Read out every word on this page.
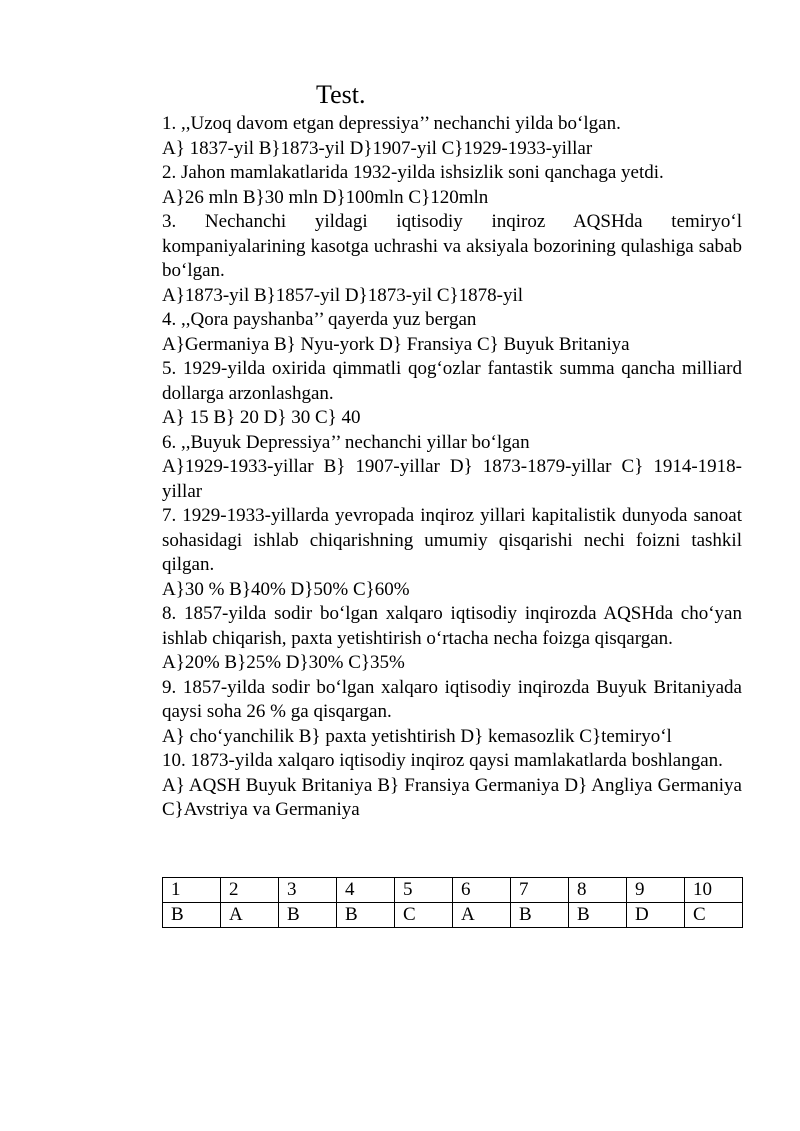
Test.

1. ,,Uzoq davom etgan depressiya’’ nechanchi yilda bo‘lgan.

A} 1837-yil B}1873-yil D}1907-yil C}1929-1933-yillar

2. Jahon mamlakatlarida 1932-yilda ishsizlik soni qanchaga yetdi.

A}26 mln B}30 mln D}100mln C}120mln

3. Nechanchi yildagi iqtisodiy inqiroz AQSHda temiryo‘l kompaniyalarining kasotga uchrashi va aksiyala bozorining qulashiga sabab bo‘lgan.

A}1873-yil B}1857-yil D}1873-yil C}1878-yil

4. ,,Qora payshanba’’ qayerda yuz bergan

A}Germaniya B} Nyu-york D} Fransiya C} Buyuk Britaniya

5. 1929-yilda oxirida qimmatli qog‘ozlar fantastik summa qancha milliard dollarga arzonlashgan.

A} 15 B} 20 D} 30 C} 40

6. ,,Buyuk Depressiya’’ nechanchi yillar bo‘lgan

A}1929-1933-yillar B} 1907-yillar D} 1873-1879-yillar C} 1914-1918-yillar

7. 1929-1933-yillarda yevropada inqiroz yillari kapitalistik dunyoda sanoat sohasidagi ishlab chiqarishning umumiy qisqarishi nechi foizni tashkil qilgan.

A}30 % B}40% D}50% C}60%

8. 1857-yilda sodir bo‘lgan xalqaro iqtisodiy inqirozda AQSHda cho‘yan ishlab chiqarish, paxta yetishtirish o‘rtacha necha foizga qisqargan.

A}20% B}25% D}30% C}35%

9. 1857-yilda sodir bo‘lgan xalqaro iqtisodiy inqirozda Buyuk Britaniyada qaysi soha 26 % ga qisqargan.

A} cho‘yanchilik B} paxta yetishtirish D} kemasozlik C}temiryo‘l

10. 1873-yilda xalqaro iqtisodiy inqiroz qaysi mamlakatlarda boshlangan.

A} AQSH Buyuk Britaniya B} Fransiya Germaniya D} Angliya Germaniya C}Avstriya va Germaniya

1	2	3	4	5	6	7	8	9	10
B	A	B	B	C	A	B	B	D	C
